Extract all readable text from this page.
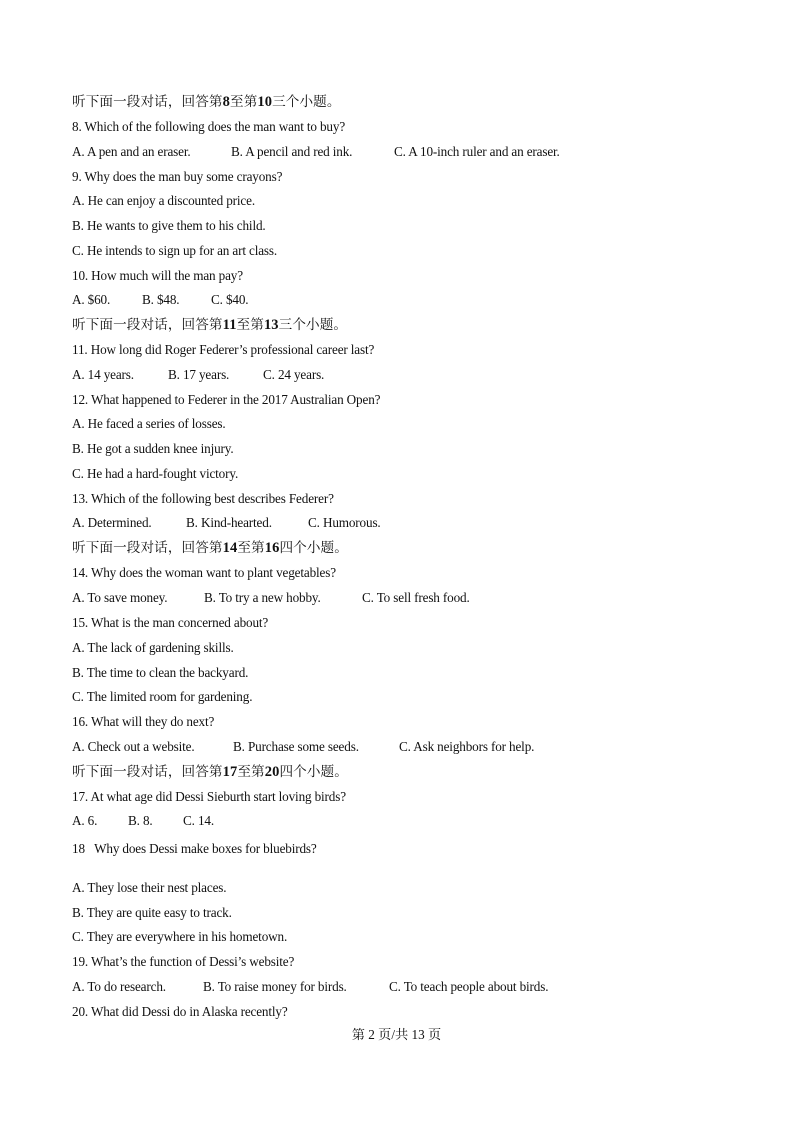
听下面一段对话，回答第8至第10三个小题。
8. Which of the following does the man want to buy?
A. A pen and an eraser.	B. A pencil and red ink.	C. A 10-inch ruler and an eraser.
9. Why does the man buy some crayons?
A. He can enjoy a discounted price.
B. He wants to give them to his child.
C. He intends to sign up for an art class.
10. How much will the man pay?
A. $60. B. $48. C. $40.
听下面一段对话，回答第11至第13三个小题。
11. How long did Roger Federer’s professional career last?
A. 14 years.	B. 17 years.	C. 24 years.
12. What happened to Federer in the 2017 Australian Open?
A. He faced a series of losses.
B. He got a sudden knee injury.
C. He had a hard-fought victory.
13. Which of the following best describes Federer?
A. Determined.	B. Kind-hearted.	C. Humorous.
听下面一段对话，回答第14至第16四个小题。
14. Why does the woman want to plant vegetables?
A. To save money.	B. To try a new hobby.	C. To sell fresh food.
15. What is the man concerned about?
A. The lack of gardening skills.
B. The time to clean the backyard.
C. The limited room for gardening.
16. What will they do next?
A. Check out a website.	B. Purchase some seeds.	C. Ask neighbors for help.
听下面一段对话，回答第17至第20四个小题。
17. At what age did Dessi Sieburth start loving birds?
A. 6. B. 8. C. 14.
18   Why does Dessi make boxes for bluebirds?
A. They lose their nest places.
B. They are quite easy to track.
C. They are everywhere in his hometown.
19. What’s the function of Dessi’s website?
A. To do research.	B. To raise money for birds.	C. To teach people about birds.
20. What did Dessi do in Alaska recently?
第 2 页/共 13 页
